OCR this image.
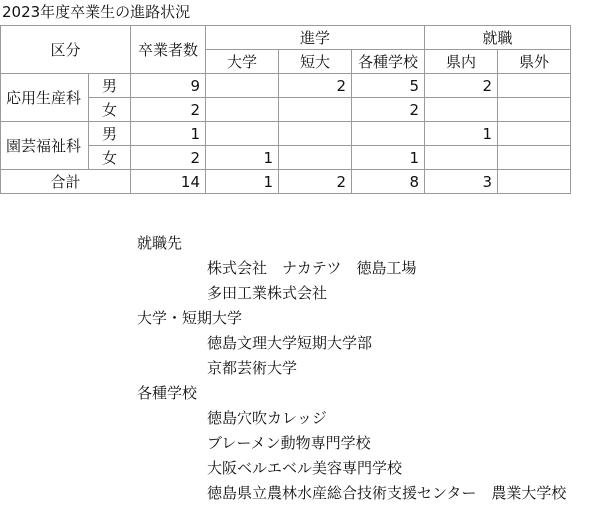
2023年度卒業生の進路状況
区分		卒業者数	進学			就職	
			大学	短大	各種学校	県内	県外
応用生産科	男	9		2	5	2	
	女	2			2		
園芸福祉科	男	1				1	
	女	2	1		1		
合計		14	1	2	8	3	
就職先
株式会社　ナカテツ　徳島工場
多田工業株式会社
大学・短期大学
徳島文理大学短期大学部
京都芸術大学
各種学校
徳島穴吹カレッジ
ブレーメン動物専門学校
大阪ベルエベル美容専門学校
徳島県立農林水産総合技術支援センター　農業大学校
